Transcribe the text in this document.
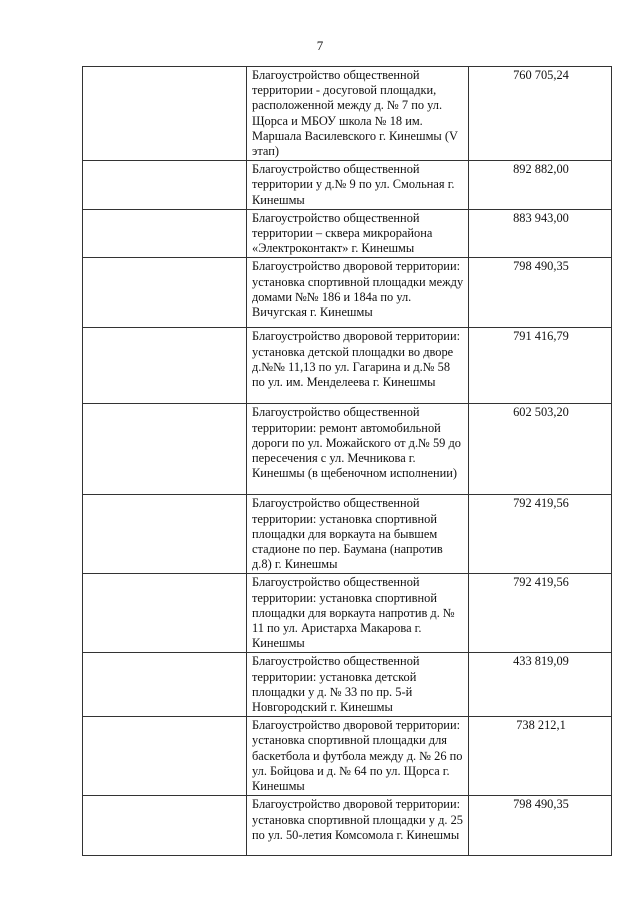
7
	Благоустройство общественной территории - досуговой площадки, расположенной между д. № 7 по ул. Щорса и МБОУ школа № 18 им. Маршала Василевского г. Кинешмы (V этап)	760 705,24
	Благоустройство общественной территории у д.№ 9 по ул. Смольная г. Кинешмы	892 882,00
	Благоустройство общественной территории – сквера микрорайона «Электроконтакт» г. Кинешмы	883 943,00
	Благоустройство дворовой территории: установка спортивной площадки между домами №№ 186 и 184а по ул. Вичугская г. Кинешмы	798 490,35
	Благоустройство дворовой территории: установка детской площадки во дворе д.№№ 11,13 по ул. Гагарина и д.№ 58 по ул. им. Менделеева г. Кинешмы	791 416,79
	Благоустройство общественной территории: ремонт автомобильной дороги по ул. Можайского от д.№ 59 до пересечения с ул. Мечникова г. Кинешмы (в щебеночном исполнении)	602 503,20
	Благоустройство общественной территории: установка спортивной площадки для воркаута на бывшем стадионе по пер. Баумана (напротив д.8) г. Кинешмы	792 419,56
	Благоустройство общественной территории: установка спортивной площадки для воркаута напротив д. № 11 по ул. Аристарха Макарова г. Кинешмы	792 419,56
	Благоустройство общественной территории: установка детской площадки у д. № 33 по пр. 5-й Новгородский г. Кинешмы	433 819,09
	Благоустройство дворовой территории: установка спортивной площадки для баскетбола и футбола между д. № 26 по ул. Бойцова и д. № 64 по ул. Щорса г. Кинешмы	738 212,1
	Благоустройство дворовой территории: установка спортивной площадки у д. 25 по ул. 50-летия Комсомола г. Кинешмы	798 490,35
